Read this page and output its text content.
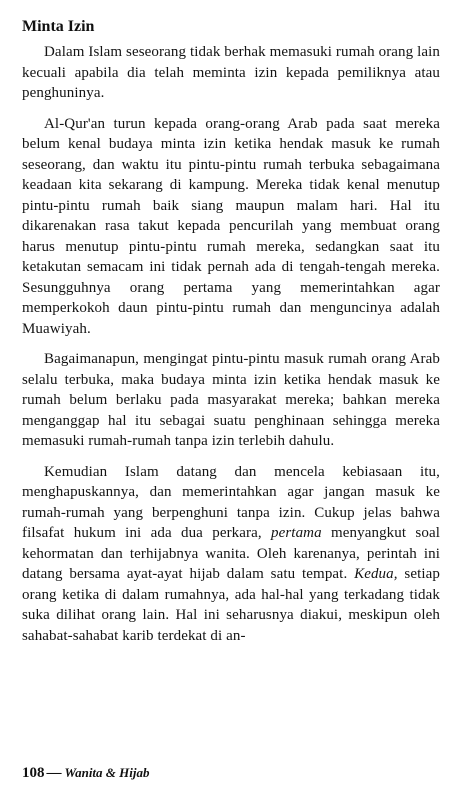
Minta Izin

Dalam Islam seseorang tidak berhak memasuki rumah orang lain kecuali apabila dia telah meminta izin kepada pemiliknya atau penghuninya.

Al-Qur'an turun kepada orang-orang Arab pada saat mereka belum kenal budaya minta izin ketika hendak masuk ke rumah seseorang, dan waktu itu pintu-pintu rumah terbuka sebagaimana keadaan kita sekarang di kampung. Mereka tidak kenal menutup pintu-pintu rumah baik siang maupun malam hari. Hal itu dikarenakan rasa takut kepada pencurilah yang membuat orang harus menutup pintu-pintu rumah mereka, sedangkan saat itu ketakutan semacam ini tidak pernah ada di tengah-tengah mereka. Sesungguhnya orang pertama yang memerintahkan agar memperkokoh daun pintu-pintu rumah dan menguncinya adalah Muawiyah.

Bagaimanapun, mengingat pintu-pintu masuk rumah orang Arab selalu terbuka, maka budaya minta izin ketika hendak masuk ke rumah belum berlaku pada masyarakat mereka; bahkan mereka menganggap hal itu sebagai suatu penghinaan sehingga mereka memasuki rumah-rumah tanpa izin terlebih dahulu.

Kemudian Islam datang dan mencela kebiasaan itu, menghapuskannya, dan memerintahkan agar jangan masuk ke rumah-rumah yang berpenghuni tanpa izin. Cukup jelas bahwa filsafat hukum ini ada dua perkara, pertama menyangkut soal kehormatan dan terhijabnya wanita. Oleh karenanya, perintah ini datang bersama ayat-ayat hijab dalam satu tempat. Kedua, setiap orang ketika di dalam rumahnya, ada hal-hal yang terkadang tidak suka dilihat orang lain. Hal ini seharusnya diakui, meskipun oleh sahabat-sahabat karib terdekat di an-

108 — Wanita & Hijab
